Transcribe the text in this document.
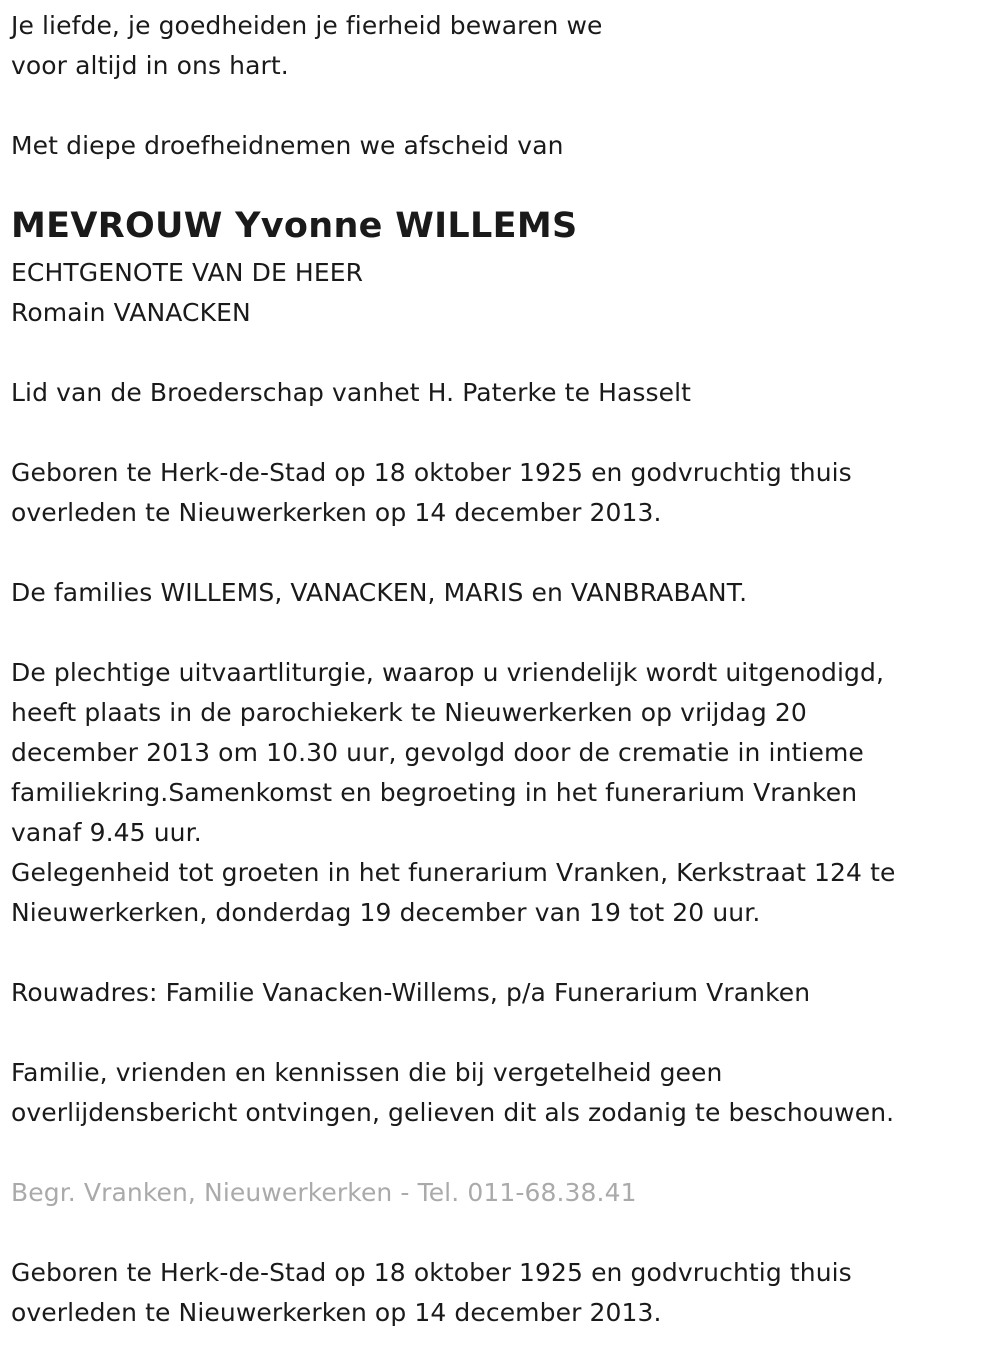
Je liefde, je goedheiden je fierheid bewaren we
voor altijd in ons hart.
Met diepe droefheidnemen we afscheid van
MEVROUW Yvonne WILLEMS
ECHTGENOTE VAN DE HEER
Romain VANACKEN
Lid van de Broederschap vanhet H. Paterke te Hasselt
Geboren te Herk-de-Stad op 18 oktober 1925 en godvruchtig thuis
overleden te Nieuwerkerken op 14 december 2013.
De families WILLEMS, VANACKEN, MARIS en VANBRABANT.
De plechtige uitvaartliturgie, waarop u vriendelijk wordt uitgenodigd,
heeft plaats in de parochiekerk te Nieuwerkerken op vrijdag 20
december 2013 om 10.30 uur, gevolgd door de crematie in intieme
familiekring.Samenkomst en begroeting in het funerarium Vranken
vanaf 9.45 uur.
Gelegenheid tot groeten in het funerarium Vranken, Kerkstraat 124 te
Nieuwerkerken, donderdag 19 december van 19 tot 20 uur.
Rouwadres: Familie Vanacken-Willems, p/a Funerarium Vranken
Familie, vrienden en kennissen die bij vergetelheid geen
overlijdensbericht ontvingen, gelieven dit als zodanig te beschouwen.
Begr. Vranken, Nieuwerkerken - Tel. 011-68.38.41
Geboren te Herk-de-Stad op 18 oktober 1925 en godvruchtig thuis
overleden te Nieuwerkerken op 14 december 2013.
